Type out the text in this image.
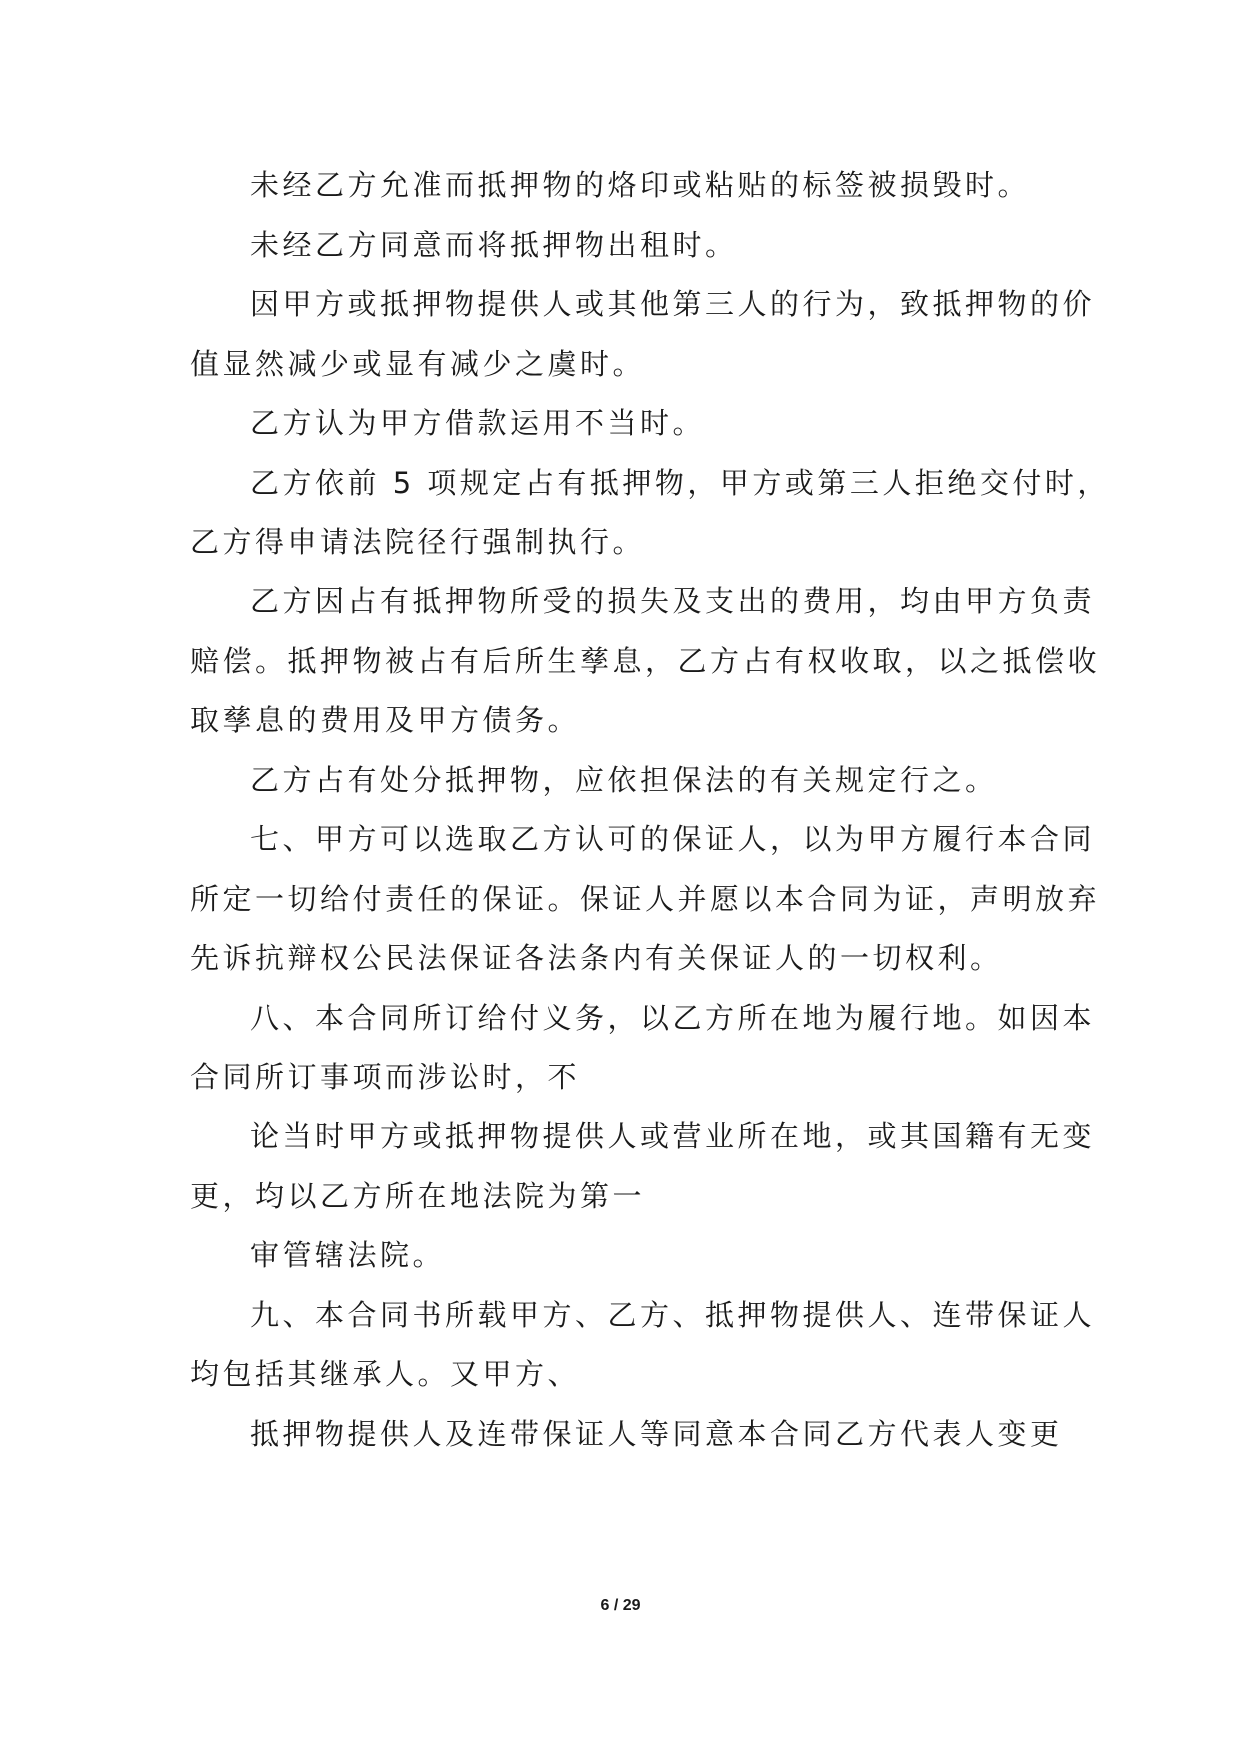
未经乙方允准而抵押物的烙印或粘贴的标签被损毁时。
未经乙方同意而将抵押物出租时。
因甲方或抵押物提供人或其他第三人的行为，致抵押物的价
值显然减少或显有减少之虞时。
乙方认为甲方借款运用不当时。
乙方依前 5 项规定占有抵押物，甲方或第三人拒绝交付时，
乙方得申请法院径行强制执行。
乙方因占有抵押物所受的损失及支出的费用，均由甲方负责
赔偿。抵押物被占有后所生孳息，乙方占有权收取，以之抵偿收
取孳息的费用及甲方债务。
乙方占有处分抵押物，应依担保法的有关规定行之。
七、甲方可以选取乙方认可的保证人，以为甲方履行本合同
所定一切给付责任的保证。保证人并愿以本合同为证，声明放弃
先诉抗辩权公民法保证各法条内有关保证人的一切权利。
八、本合同所订给付义务，以乙方所在地为履行地。如因本
合同所订事项而涉讼时，不
论当时甲方或抵押物提供人或营业所在地，或其国籍有无变
更，均以乙方所在地法院为第一
审管辖法院。
九、本合同书所载甲方、乙方、抵押物提供人、连带保证人
均包括其继承人。又甲方、
抵押物提供人及连带保证人等同意本合同乙方代表人变更
6 / 29
